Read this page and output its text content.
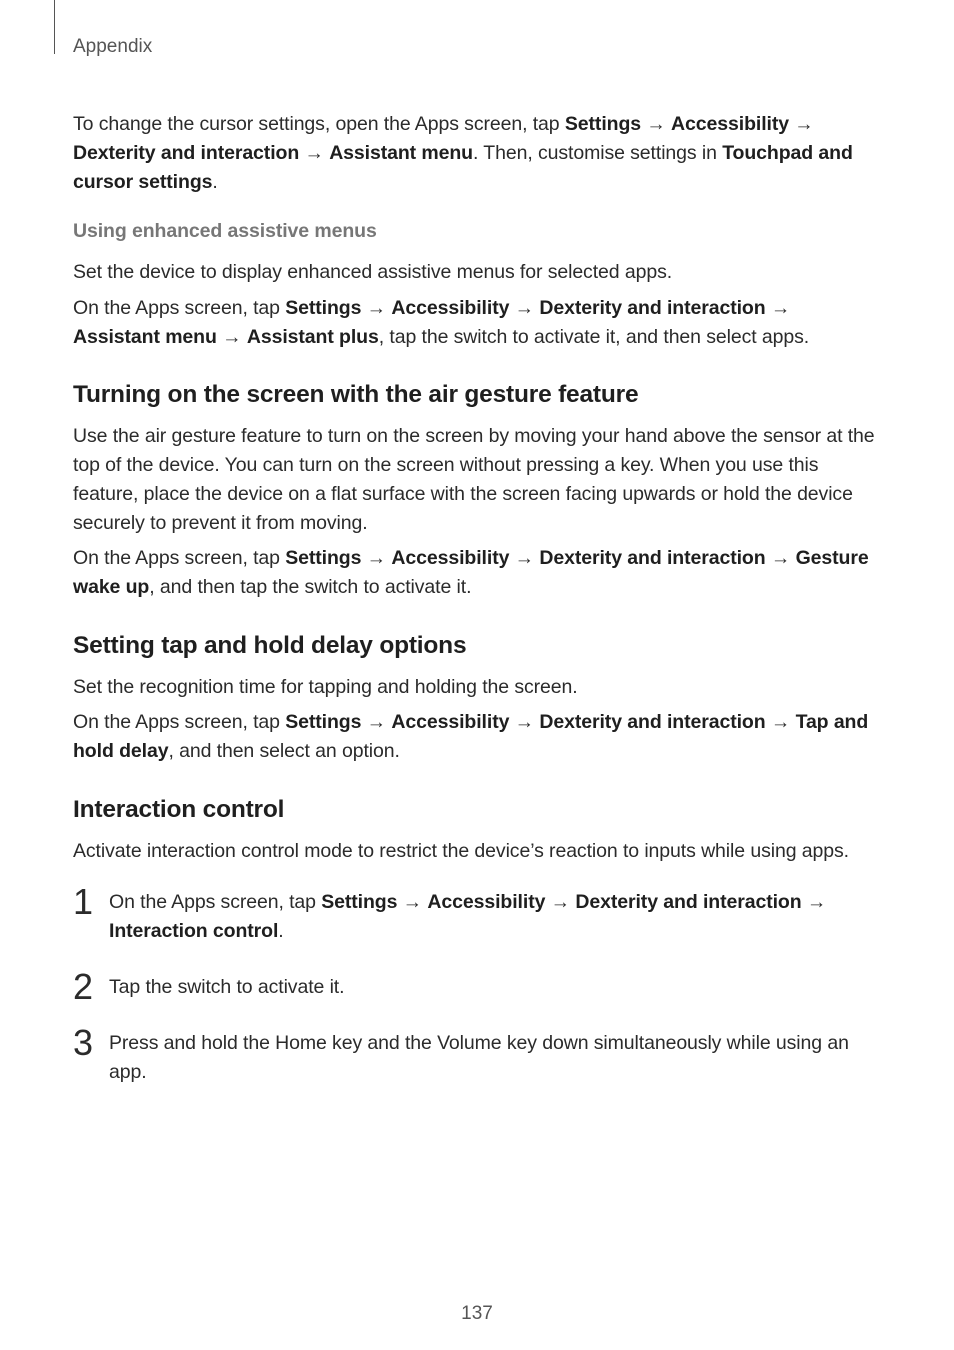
Appendix

To change the cursor settings, open the Apps screen, tap Settings → Accessibility → Dexterity and interaction → Assistant menu. Then, customise settings in Touchpad and cursor settings.

Using enhanced assistive menus

Set the device to display enhanced assistive menus for selected apps.

On the Apps screen, tap Settings → Accessibility → Dexterity and interaction → Assistant menu → Assistant plus, tap the switch to activate it, and then select apps.

Turning on the screen with the air gesture feature

Use the air gesture feature to turn on the screen by moving your hand above the sensor at the top of the device. You can turn on the screen without pressing a key. When you use this feature, place the device on a flat surface with the screen facing upwards or hold the device securely to prevent it from moving.

On the Apps screen, tap Settings → Accessibility → Dexterity and interaction → Gesture wake up, and then tap the switch to activate it.

Setting tap and hold delay options

Set the recognition time for tapping and holding the screen.

On the Apps screen, tap Settings → Accessibility → Dexterity and interaction → Tap and hold delay, and then select an option.

Interaction control

Activate interaction control mode to restrict the device’s reaction to inputs while using apps.

1 On the Apps screen, tap Settings → Accessibility → Dexterity and interaction → Interaction control.

2 Tap the switch to activate it.

3 Press and hold the Home key and the Volume key down simultaneously while using an app.

137
